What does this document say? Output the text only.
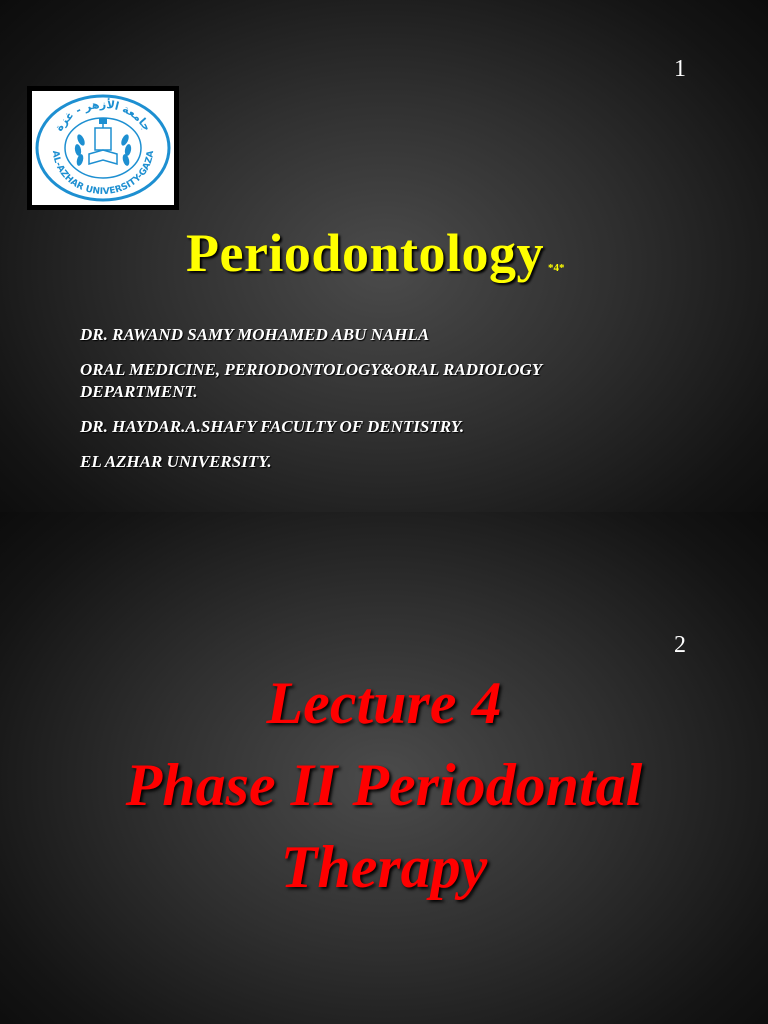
1
جامعة الأزهر - غزة
AL-AZHAR UNIVERSITY-GAZA
Periodontology *4*

DR. RAWAND SAMY MOHAMED ABU NAHLA

ORAL MEDICINE, PERIODONTOLOGY&ORAL RADIOLOGY DEPARTMENT.

DR. HAYDAR.A.SHAFY FACULTY OF DENTISTRY.

EL AZHAR UNIVERSITY.

2
Lecture 4
Phase II Periodontal
Therapy
